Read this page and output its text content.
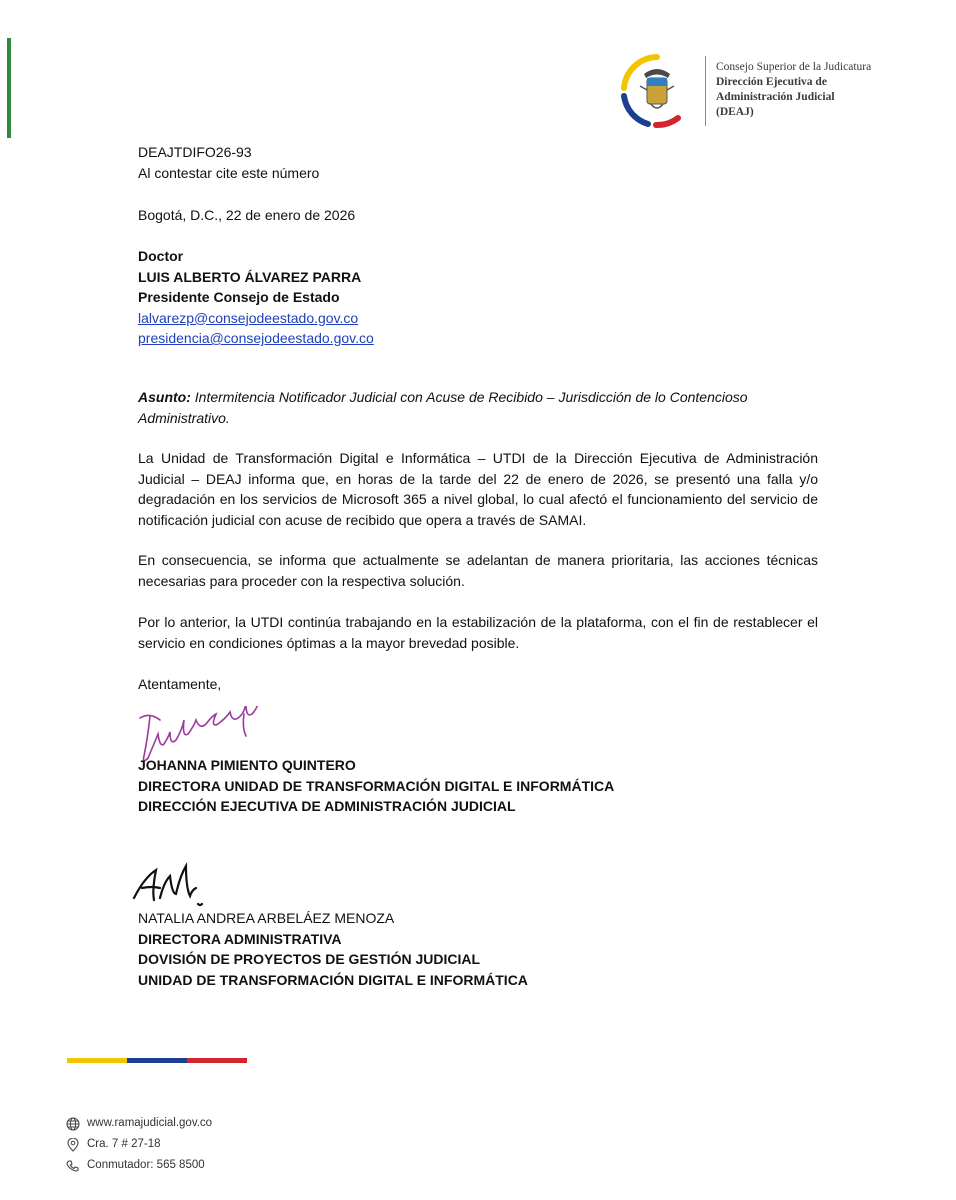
Consejo Superior de la Judicatura
Dirección Ejecutiva de
Administración Judicial
(DEAJ)
DEAJTDIFO26-93
Al contestar cite este número
Bogotá, D.C., 22 de enero de 2026
Doctor
LUIS ALBERTO ÁLVAREZ PARRA
Presidente Consejo de Estado
lalvarezp@consejodeestado.gov.co
presidencia@consejodeestado.gov.co

Asunto: Intermitencia Notificador Judicial con Acuse de Recibido – Jurisdicción de lo Contencioso Administrativo.

La Unidad de Transformación Digital e Informática – UTDI de la Dirección Ejecutiva de Administración Judicial – DEAJ informa que, en horas de la tarde del 22 de enero de 2026, se presentó una falla y/o degradación en los servicios de Microsoft 365 a nivel global, lo cual afectó el funcionamiento del servicio de notificación judicial con acuse de recibido que opera a través de SAMAI.

En consecuencia, se informa que actualmente se adelantan de manera prioritaria, las acciones técnicas necesarias para proceder con la respectiva solución.

Por lo anterior, la UTDI continúa trabajando en la estabilización de la plataforma, con el fin de restablecer el servicio en condiciones óptimas a la mayor brevedad posible.

Atentamente,
JOHANNA PIMIENTO QUINTERO
DIRECTORA UNIDAD DE TRANSFORMACIÓN DIGITAL E INFORMÁTICA
DIRECCIÓN EJECUTIVA DE ADMINISTRACIÓN JUDICIAL
NATALIA ANDREA ARBELÁEZ MENOZA
DIRECTORA ADMINISTRATIVA
DOVISIÓN DE PROYECTOS DE GESTIÓN JUDICIAL
UNIDAD DE TRANSFORMACIÓN DIGITAL E INFORMÁTICA
www.ramajudicial.gov.co
Cra. 7 # 27-18
Conmutador: 565 8500
